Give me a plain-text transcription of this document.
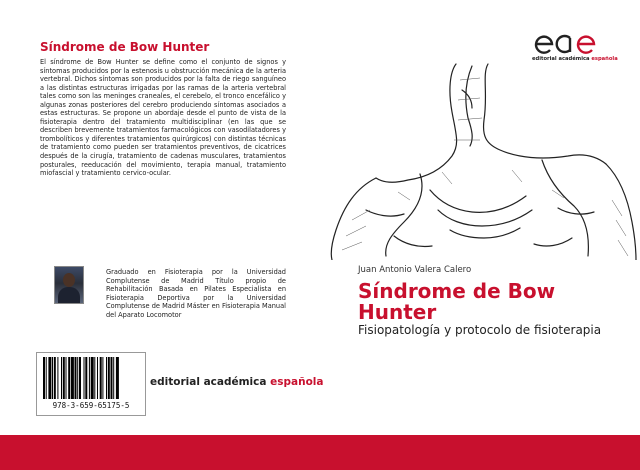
Síndrome de Bow Hunter
El síndrome de Bow Hunter se define como el conjunto de signos y síntomas producidos por la estenosis u obstrucción mecánica de la arteria vertebral. Dichos síntomas son producidos por la falta de riego sanguíneo a las distintas estructuras irrigadas por las ramas de la arteria vertebral tales como son las meninges craneales, el cerebelo, el tronco encefálico y algunas zonas posteriores del cerebro produciendo síntomas asociados a estas estructuras. Se propone un abordaje desde el punto de vista de la fisioterapia dentro del tratamiento multidisciplinar (en las que se describen brevemente tratamientos farmacológicos con vasodilatadores y trombolíticos y diferentes tratamientos quirúrgicos) con distintas técnicas de tratamiento como pueden ser tratamientos preventivos, de cicatrices después de la cirugía, tratamiento de cadenas musculares, tratamientos posturales, reeducación del movimiento, terapia manual, tratamiento miofascial y tratamiento cervico-ocular.
Graduado en Fisioterapia por la Universidad Complutense de Madrid Título propio de Rehabilitación Basada en Pilates Especialista en Fisioterapia Deportiva por la Universidad Complutense de Madrid Máster en Fisioterapia Manual del Aparato Locomotor
978-3-659-65175-5
editorial académica española
editorial académica española
Juan Antonio Valera Calero
Síndrome de Bow Hunter
Fisiopatología y protocolo de fisioterapia
